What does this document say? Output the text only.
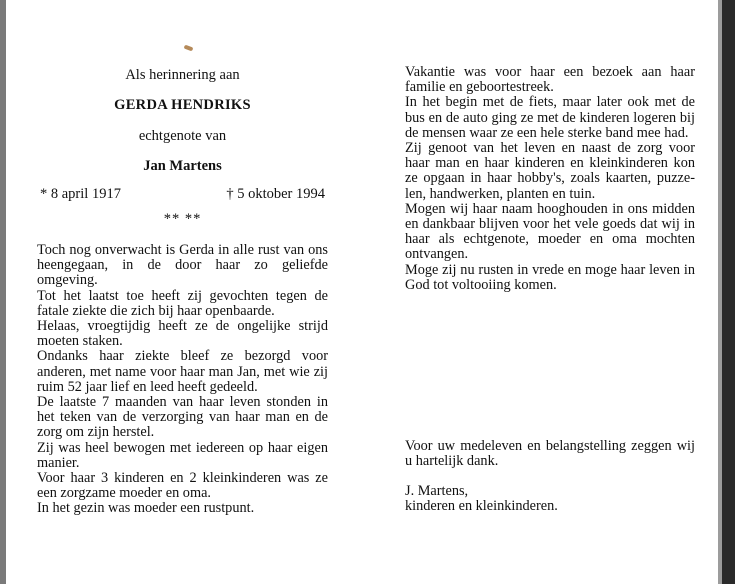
Als herinnering aan
GERDA HENDRIKS
echtgenote van
Jan Martens
* 8 april 1917	† 5 oktober 1994
** **

Toch nog onverwacht is Gerda in alle rust van ons heengegaan, in de door haar zo geliefde omgeving.

Tot het laatst toe heeft zij gevochten tegen de fatale ziekte die zich bij haar openbaarde.

Helaas, vroegtijdig heeft ze de ongelijke strijd moeten staken.

Ondanks haar ziekte bleef ze bezorgd voor anderen, met name voor haar man Jan, met wie zij ruim 52 jaar lief en leed heeft gedeeld.

De laatste 7 maanden van haar leven stonden in het teken van de verzorging van haar man en de zorg om zijn herstel.

Zij was heel bewogen met iedereen op haar eigen manier.

Voor haar 3 kinderen en 2 kleinkinderen was ze een zorgzame moeder en oma.

In het gezin was moeder een rustpunt.

Vakantie was voor haar een bezoek aan haar familie en geboortestreek.

In het begin met de fiets, maar later ook met de bus en de auto ging ze met de kinderen logeren bij de mensen waar ze een hele sterke band mee had.

Zij genoot van het leven en naast de zorg voor haar man en haar kinderen en kleinkinderen kon ze opgaan in haar hobby's, zoals kaarten, puzze-len, handwerken, planten en tuin.

Mogen wij haar naam hooghouden in ons midden en dankbaar blijven voor het vele goeds dat wij in haar als echtgenote, moeder en oma mochten ontvangen.

Moge zij nu rusten in vrede en moge haar leven in God tot voltooiing komen.

Voor uw medeleven en belangstelling zeggen wij u hartelijk dank.

J. Martens,
kinderen en kleinkinderen.
